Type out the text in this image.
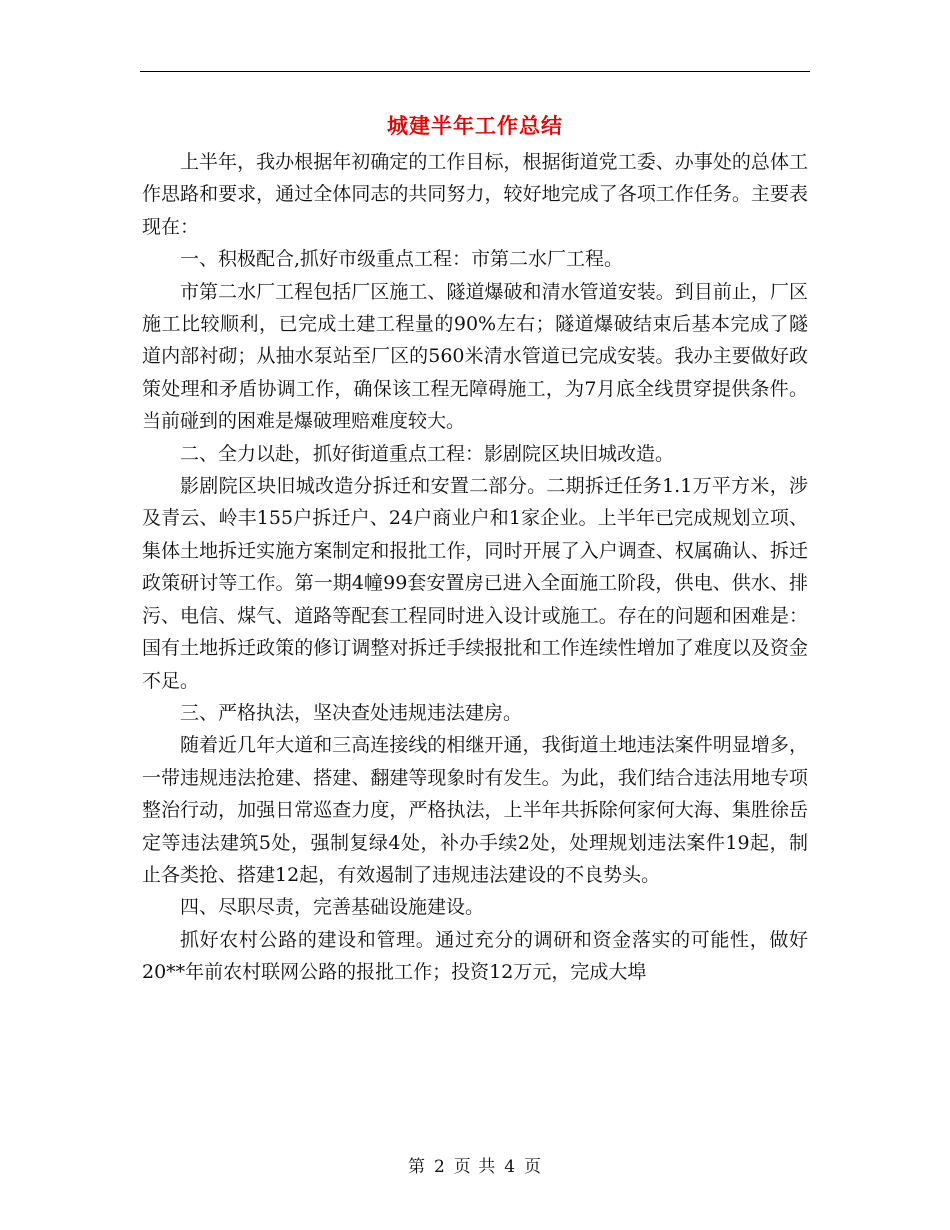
城建半年工作总结

上半年，我办根据年初确定的工作目标，根据街道党工委、办事处的总体工作思路和要求，通过全体同志的共同努力，较好地完成了各项工作任务。主要表现在：

一、积极配合,抓好市级重点工程：市第二水厂工程。

市第二水厂工程包括厂区施工、隧道爆破和清水管道安装。到目前止，厂区施工比较顺利，已完成土建工程量的90%左右；隧道爆破结束后基本完成了隧道内部衬砌；从抽水泵站至厂区的560米清水管道已完成安装。我办主要做好政策处理和矛盾协调工作，确保该工程无障碍施工，为7月底全线贯穿提供条件。当前碰到的困难是爆破理赔难度较大。

二、全力以赴，抓好街道重点工程：影剧院区块旧城改造。

影剧院区块旧城改造分拆迁和安置二部分。二期拆迁任务1.1万平方米，涉及青云、岭丰155户拆迁户、24户商业户和1家企业。上半年已完成规划立项、集体土地拆迁实施方案制定和报批工作，同时开展了入户调查、权属确认、拆迁政策研讨等工作。第一期4幢99套安置房已进入全面施工阶段，供电、供水、排污、电信、煤气、道路等配套工程同时进入设计或施工。存在的问题和困难是：国有土地拆迁政策的修订调整对拆迁手续报批和工作连续性增加了难度以及资金不足。

三、严格执法，坚决查处违规违法建房。

随着近几年大道和三高连接线的相继开通，我街道土地违法案件明显增多，一带违规违法抢建、搭建、翻建等现象时有发生。为此，我们结合违法用地专项整治行动，加强日常巡查力度，严格执法，上半年共拆除何家何大海、集胜徐岳定等违法建筑5处，强制复绿4处，补办手续2处，处理规划违法案件19起，制止各类抢、搭建12起，有效遏制了违规违法建设的不良势头。

四、尽职尽责，完善基础设施建设。

抓好农村公路的建设和管理。通过充分的调研和资金落实的可能性，做好20**年前农村联网公路的报批工作；投资12万元，完成大埠

第 2 页 共 4 页
